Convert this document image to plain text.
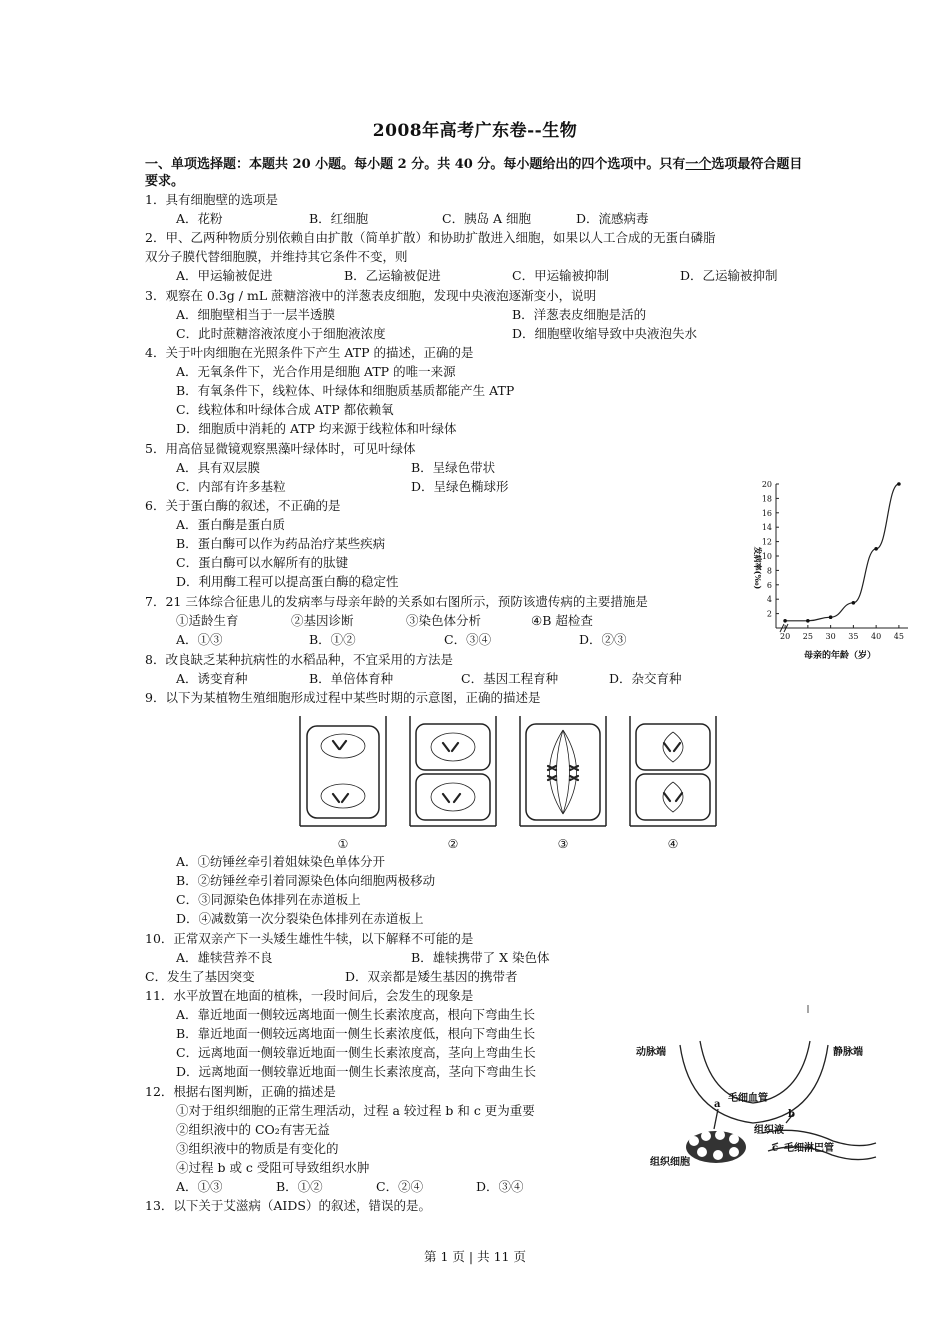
2008年高考广东卷--生物
一、单项选择题：本题共 20 小题。每小题 2 分。共 40 分。每小题给出的四个选项中。只有一个选项最符合题目要求。
1．具有细胞壁的选项是
A．花粉	B．红细胞	C．胰岛 A 细胞	D．流感病毒
2．甲、乙两种物质分别依赖自由扩散（简单扩散）和协助扩散进入细胞，如果以人工合成的无蛋白磷脂
双分子膜代替细胞膜，并维持其它条件不变，则
A．甲运输被促进	B．乙运输被促进	C．甲运输被抑制	D．乙运输被抑制
3．观察在 0.3g / mL 蔗糖溶液中的洋葱表皮细胞，发现中央液泡逐渐变小，说明
A．细胞壁相当于一层半透膜	B．洋葱表皮细胞是活的
C．此时蔗糖溶液浓度小于细胞液浓度	D．细胞壁收缩导致中央液泡失水
4．关于叶肉细胞在光照条件下产生 ATP 的描述，正确的是
A．无氧条件下，光合作用是细胞 ATP 的唯一来源
B．有氧条件下，线粒体、叶绿体和细胞质基质都能产生 ATP
C．线粒体和叶绿体合成 ATP 都依赖氧
D．细胞质中消耗的 ATP 均来源于线粒体和叶绿体
5．用高倍显微镜观察黑藻叶绿体时，可见叶绿体
A．具有双层膜	B．呈绿色带状
C．内部有许多基粒	D．呈绿色椭球形
6．关于蛋白酶的叙述，不正确的是
A．蛋白酶是蛋白质
B．蛋白酶可以作为药品治疗某些疾病
C．蛋白酶可以水解所有的肽键
D．利用酶工程可以提高蛋白酶的稳定性
7．21 三体综合征患儿的发病率与母亲年龄的关系如右图所示，预防该遗传病的主要措施是
①适龄生育	②基因诊断	③染色体分析	④B 超检查
A．①③	B．①②	C．③④	D．②③
8．改良缺乏某种抗病性的水稻品种，不宜采用的方法是
A．诱变育种	B．单倍体育种	C．基因工程育种	D．杂交育种
9．以下为某植物生殖细胞形成过程中某些时期的示意图，正确的描述是
①	②	③	④
A．①纺锤丝牵引着姐妹染色单体分开
B．②纺锤丝牵引着同源染色体向细胞两极移动
C．③同源染色体排列在赤道板上
D．④减数第一次分裂染色体排列在赤道板上
10．正常双亲产下一头矮生雄性牛犊，以下解释不可能的是
A．雄犊营养不良	B．雄犊携带了 X 染色体
C．发生了基因突变	D．双亲都是矮生基因的携带者
11．水平放置在地面的植株，一段时间后，会发生的现象是
A．靠近地面一侧较远离地面一侧生长素浓度高，根向下弯曲生长
B．靠近地面一侧较远离地面一侧生长素浓度低，根向下弯曲生长
C．远离地面一侧较靠近地面一侧生长素浓度高，茎向上弯曲生长
D．远离地面一侧较靠近地面一侧生长素浓度高，茎向下弯曲生长
12．根据右图判断，正确的描述是
①对于组织细胞的正常生理活动，过程 a 较过程 b 和 c 更为重要
②组织液中的 CO₂有害无益
③组织液中的物质是有变化的
④过程 b 或 c 受阻可导致组织水肿
A．①③	B．①②	C．②④	D．③④
13．以下关于艾滋病（AIDS）的叙述，错误的是。
2
4
6
8
10
12
14
16
18
20
20 25 30 35 40 45
发病率(‰)
母亲的年龄（岁）
动脉端	静脉端
毛细血管
组织液
毛细淋巴管
组织细胞
a
b
c
第 1 页 | 共 11 页
